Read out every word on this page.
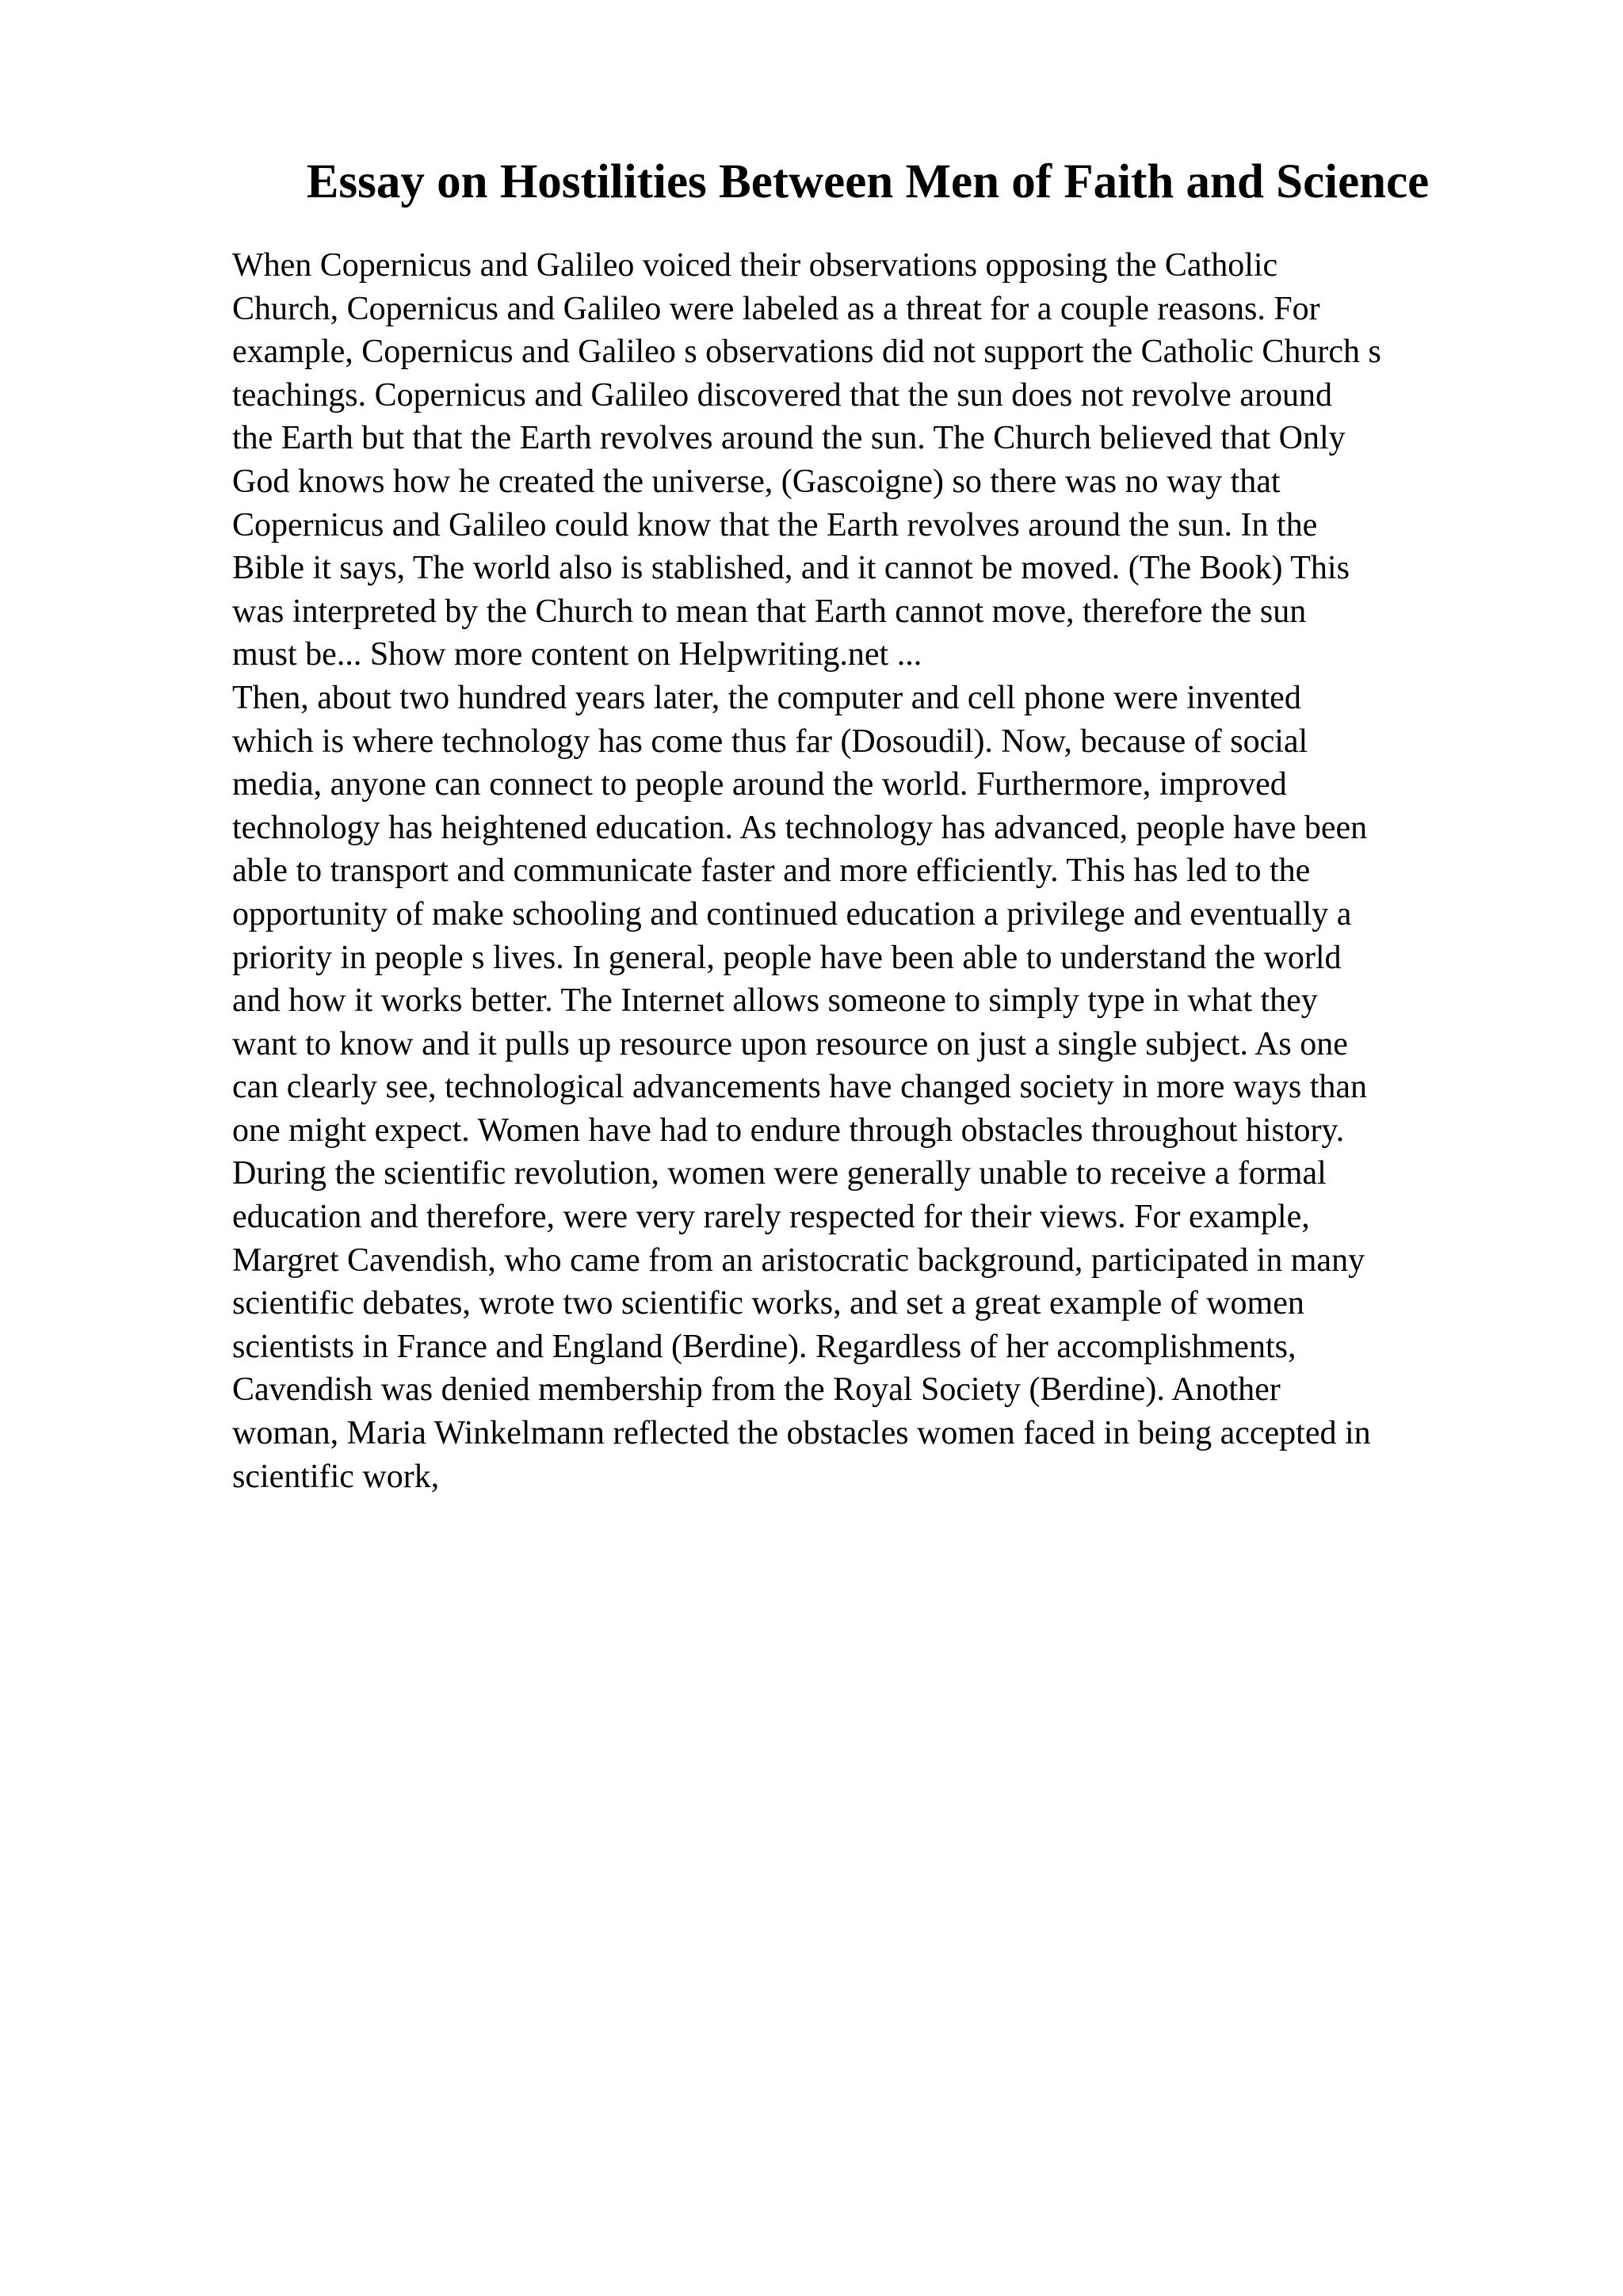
Essay on Hostilities Between Men of Faith and Science
When Copernicus and Galileo voiced their observations opposing the Catholic
Church, Copernicus and Galileo were labeled as a threat for a couple reasons. For
example, Copernicus and Galileo s observations did not support the Catholic Church s
teachings. Copernicus and Galileo discovered that the sun does not revolve around
the Earth but that the Earth revolves around the sun. The Church believed that Only
God knows how he created the universe, (Gascoigne) so there was no way that
Copernicus and Galileo could know that the Earth revolves around the sun. In the
Bible it says, The world also is stablished, and it cannot be moved. (The Book) This
was interpreted by the Church to mean that Earth cannot move, therefore the sun
must be... Show more content on Helpwriting.net ...
Then, about two hundred years later, the computer and cell phone were invented
which is where technology has come thus far (Dosoudil). Now, because of social
media, anyone can connect to people around the world. Furthermore, improved
technology has heightened education. As technology has advanced, people have been
able to transport and communicate faster and more efficiently. This has led to the
opportunity of make schooling and continued education a privilege and eventually a
priority in people s lives. In general, people have been able to understand the world
and how it works better. The Internet allows someone to simply type in what they
want to know and it pulls up resource upon resource on just a single subject. As one
can clearly see, technological advancements have changed society in more ways than
one might expect. Women have had to endure through obstacles throughout history.
During the scientific revolution, women were generally unable to receive a formal
education and therefore, were very rarely respected for their views. For example,
Margret Cavendish, who came from an aristocratic background, participated in many
scientific debates, wrote two scientific works, and set a great example of women
scientists in France and England (Berdine). Regardless of her accomplishments,
Cavendish was denied membership from the Royal Society (Berdine). Another
woman, Maria Winkelmann reflected the obstacles women faced in being accepted in
scientific work,
